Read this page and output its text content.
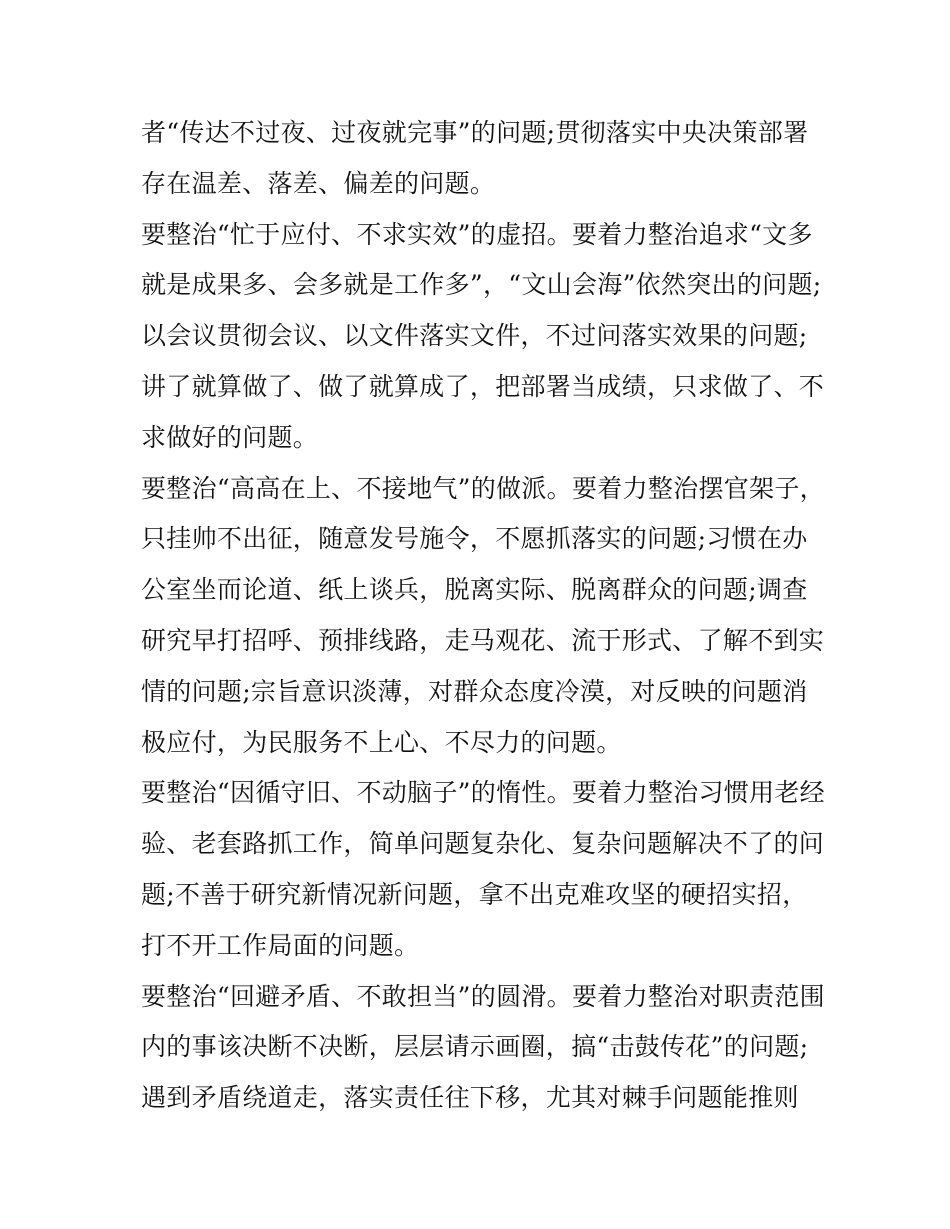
者“传达不过夜、过夜就完事”的问题;贯彻落实中央决策部署
存在温差、落差、偏差的问题。
要整治“忙于应付、不求实效”的虚招。要着力整治追求“文多
就是成果多、会多就是工作多”，“文山会海”依然突出的问题;
以会议贯彻会议、以文件落实文件，不过问落实效果的问题;
讲了就算做了、做了就算成了，把部署当成绩，只求做了、不
求做好的问题。
要整治“高高在上、不接地气”的做派。要着力整治摆官架子，
只挂帅不出征，随意发号施令，不愿抓落实的问题;习惯在办
公室坐而论道、纸上谈兵，脱离实际、脱离群众的问题;调查
研究早打招呼、预排线路，走马观花、流于形式、了解不到实
情的问题;宗旨意识淡薄，对群众态度冷漠，对反映的问题消
极应付，为民服务不上心、不尽力的问题。
要整治“因循守旧、不动脑子”的惰性。要着力整治习惯用老经
验、老套路抓工作，简单问题复杂化、复杂问题解决不了的问
题;不善于研究新情况新问题，拿不出克难攻坚的硬招实招，
打不开工作局面的问题。
要整治“回避矛盾、不敢担当”的圆滑。要着力整治对职责范围
内的事该决断不决断，层层请示画圈，搞“击鼓传花”的问题;
遇到矛盾绕道走，落实责任往下移，尤其对棘手问题能推则
